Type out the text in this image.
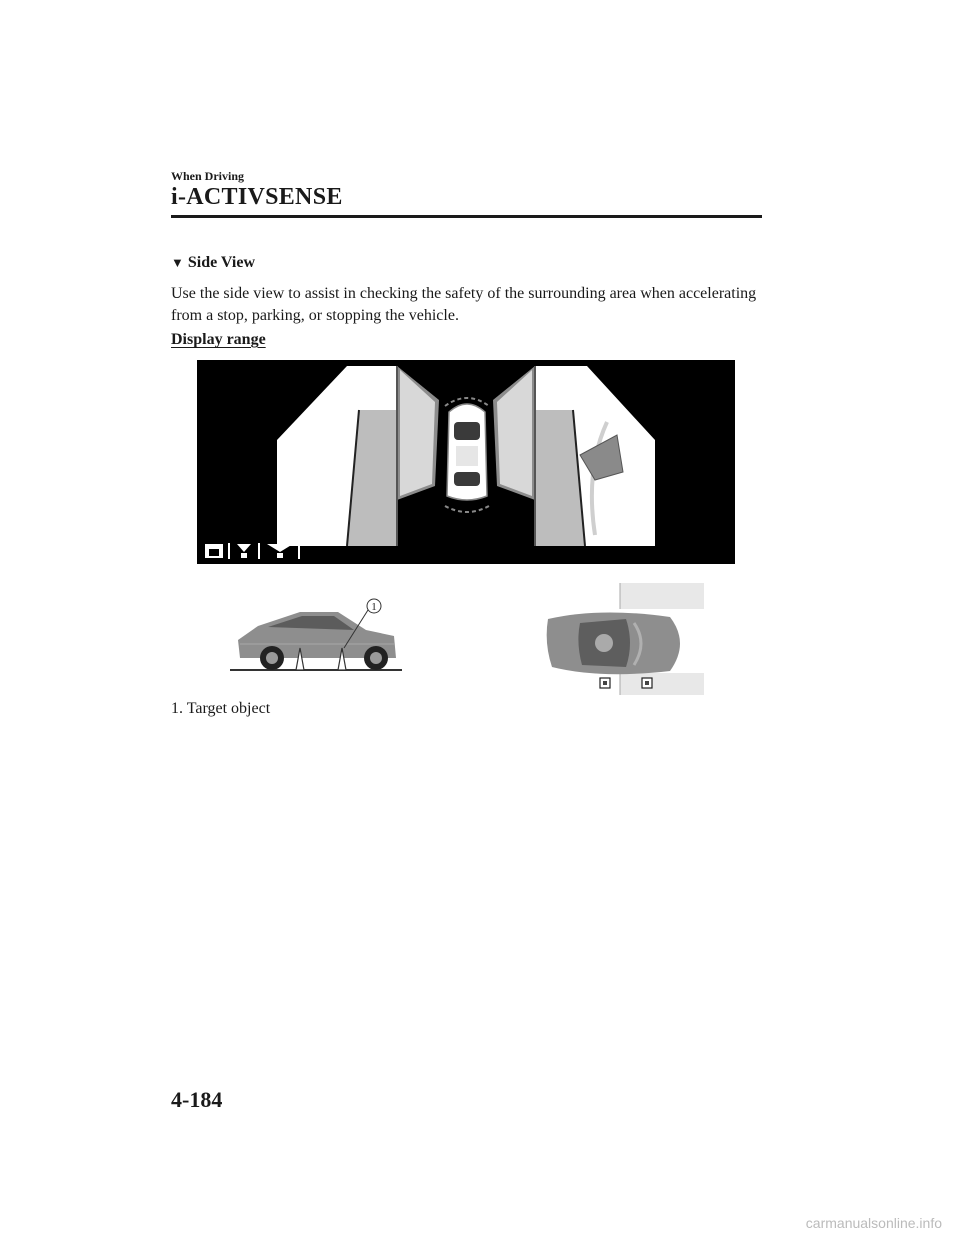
When Driving
i-ACTIVSENSE
▼ Side View
Use the side view to assist in checking the safety of the surrounding area when accelerating from a stop, parking, or stopping the vehicle.
Display range
1
1. Target object
4-184
carmanualsonline.info
